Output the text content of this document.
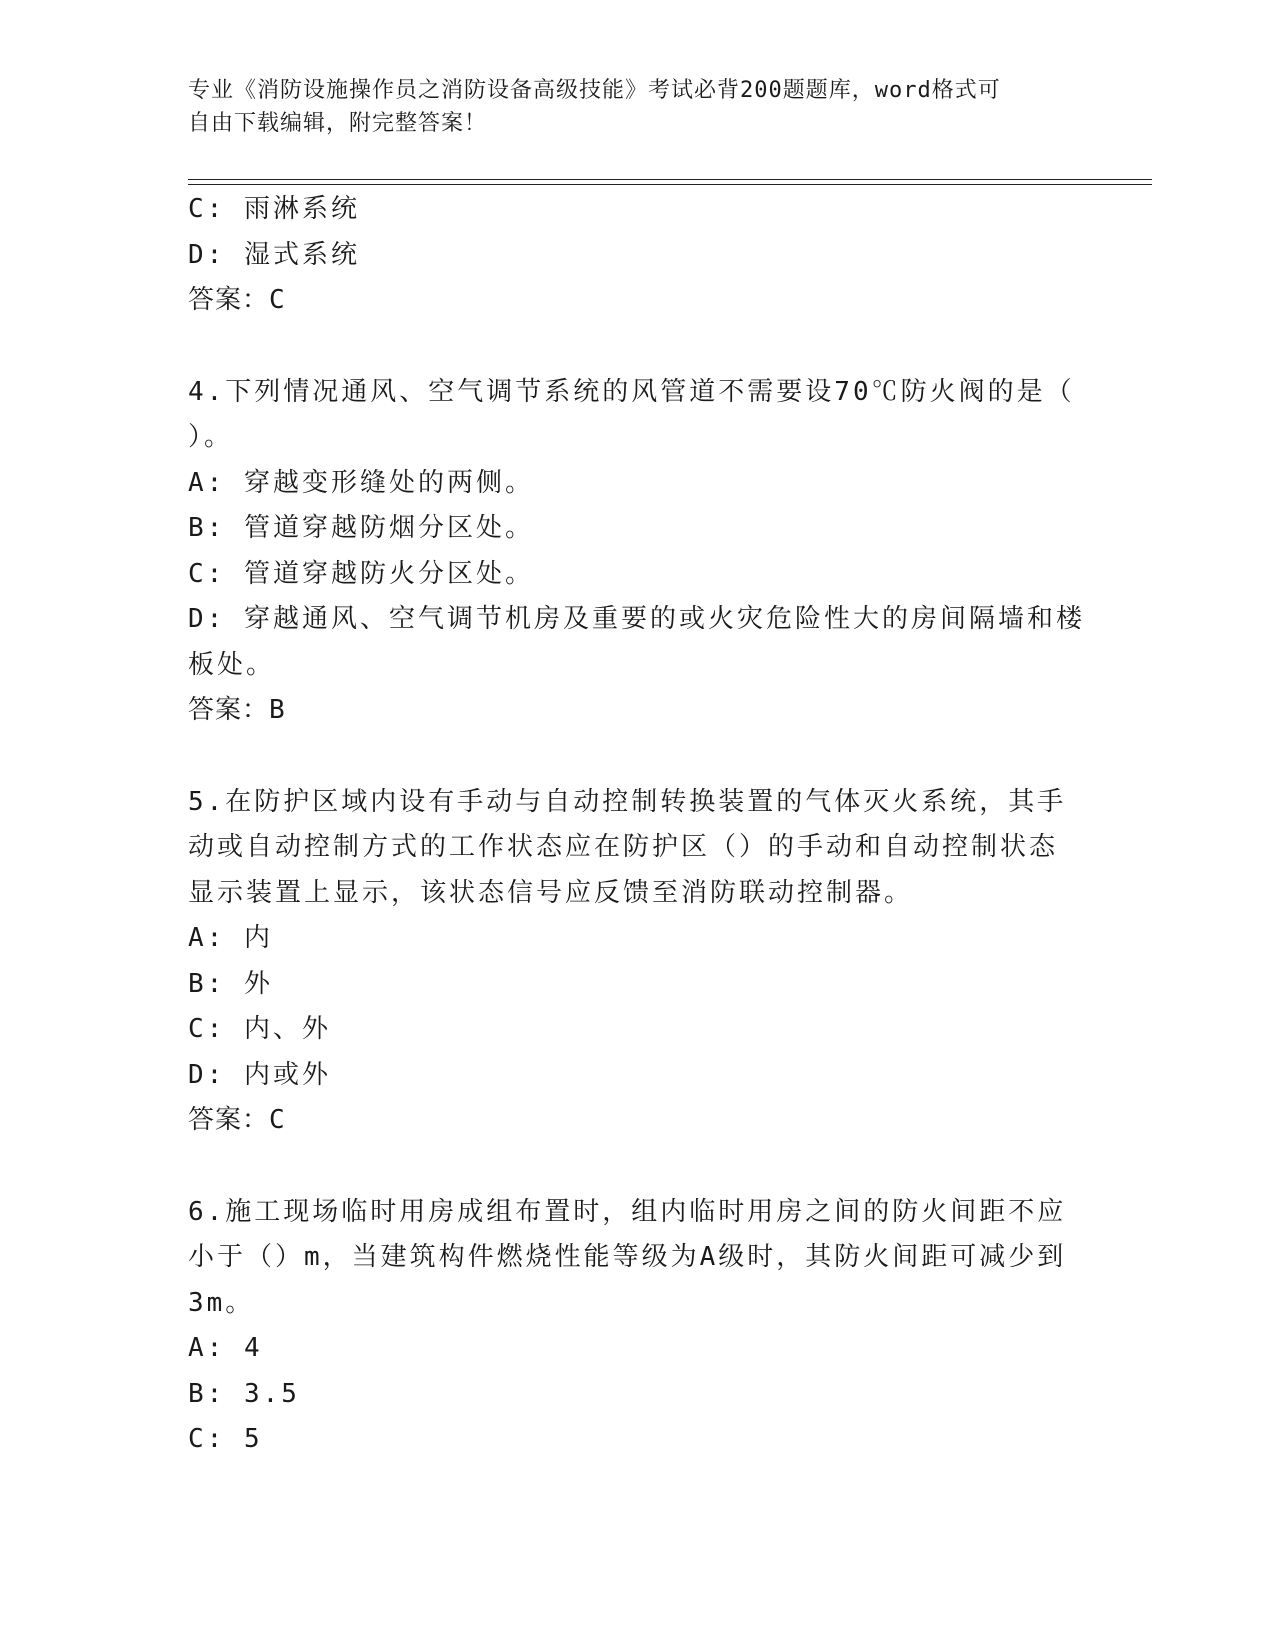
专业《消防设施操作员之消防设备高级技能》考试必背200题题库，word格式可
自由下载编辑，附完整答案！
C: 雨淋系统
D: 湿式系统
答案：C
4.下列情况通风、空气调节系统的风管道不需要设70℃防火阀的是（
）。
A: 穿越变形缝处的两侧。
B: 管道穿越防烟分区处。
C: 管道穿越防火分区处。
D: 穿越通风、空气调节机房及重要的或火灾危险性大的房间隔墙和楼
板处。
答案：B
5.在防护区域内设有手动与自动控制转换装置的气体灭火系统，其手
动或自动控制方式的工作状态应在防护区（）的手动和自动控制状态
显示装置上显示，该状态信号应反馈至消防联动控制器。
A: 内
B: 外
C: 内、外
D: 内或外
答案：C
6.施工现场临时用房成组布置时，组内临时用房之间的防火间距不应
小于（）m，当建筑构件燃烧性能等级为A级时，其防火间距可减少到
3m。
A: 4
B: 3.5
C: 5
